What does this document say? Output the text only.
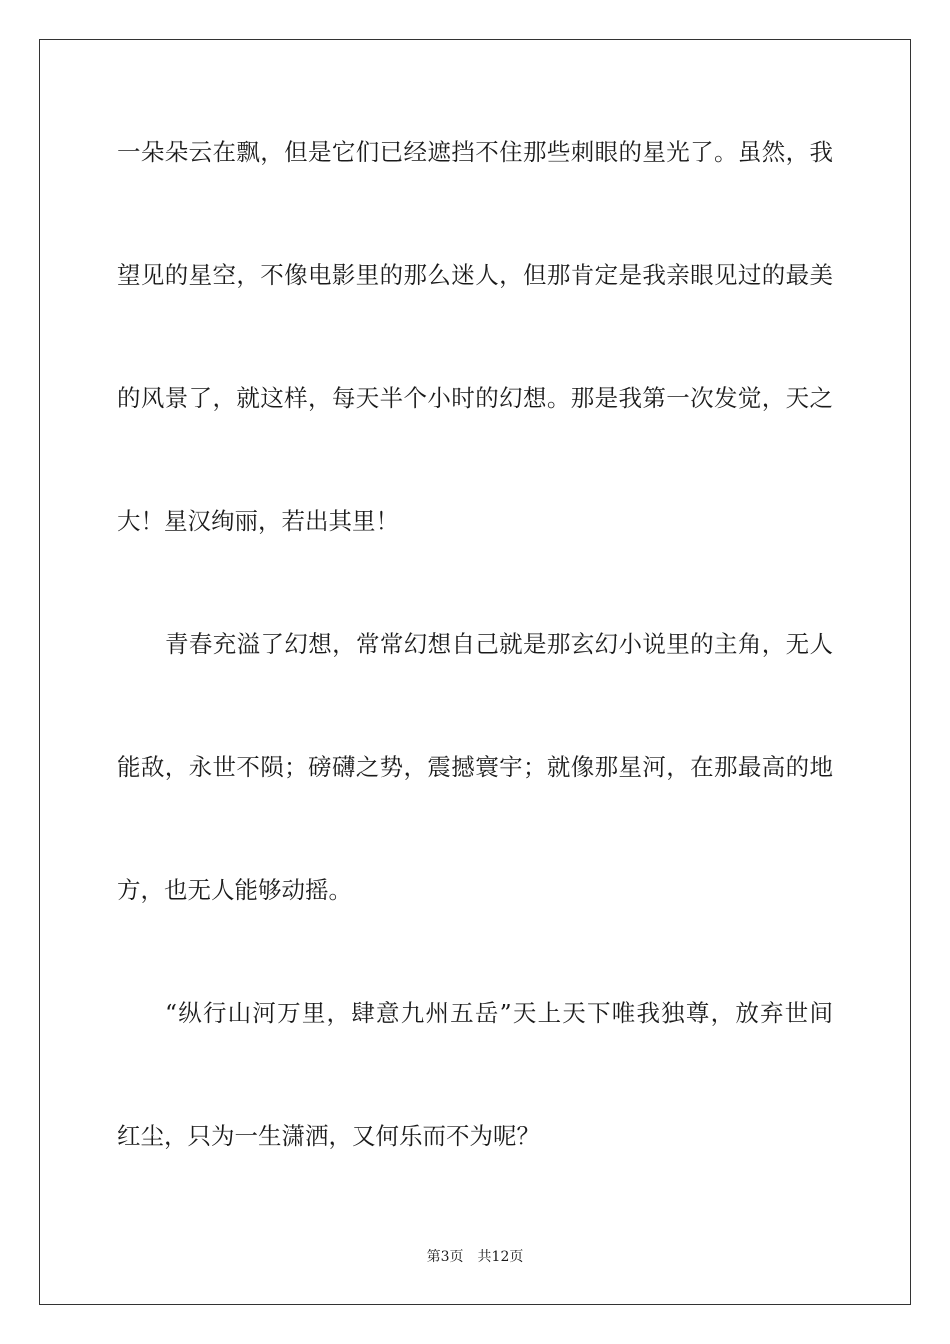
一朵朵云在飘，但是它们已经遮挡不住那些刺眼的星光了。虽然，我
望见的星空，不像电影里的那么迷人，但那肯定是我亲眼见过的最美
的风景了，就这样，每天半个小时的幻想。那是我第一次发觉，天之
大！星汉绚丽，若出其里！
青春充溢了幻想，常常幻想自己就是那玄幻小说里的主角，无人
能敌，永世不陨；磅礴之势，震撼寰宇；就像那星河，在那最高的地
方，也无人能够动摇。
“纵行山河万里，肆意九州五岳”天上天下唯我独尊，放弃世间
红尘，只为一生潇洒，又何乐而不为呢？
第3页　共12页
